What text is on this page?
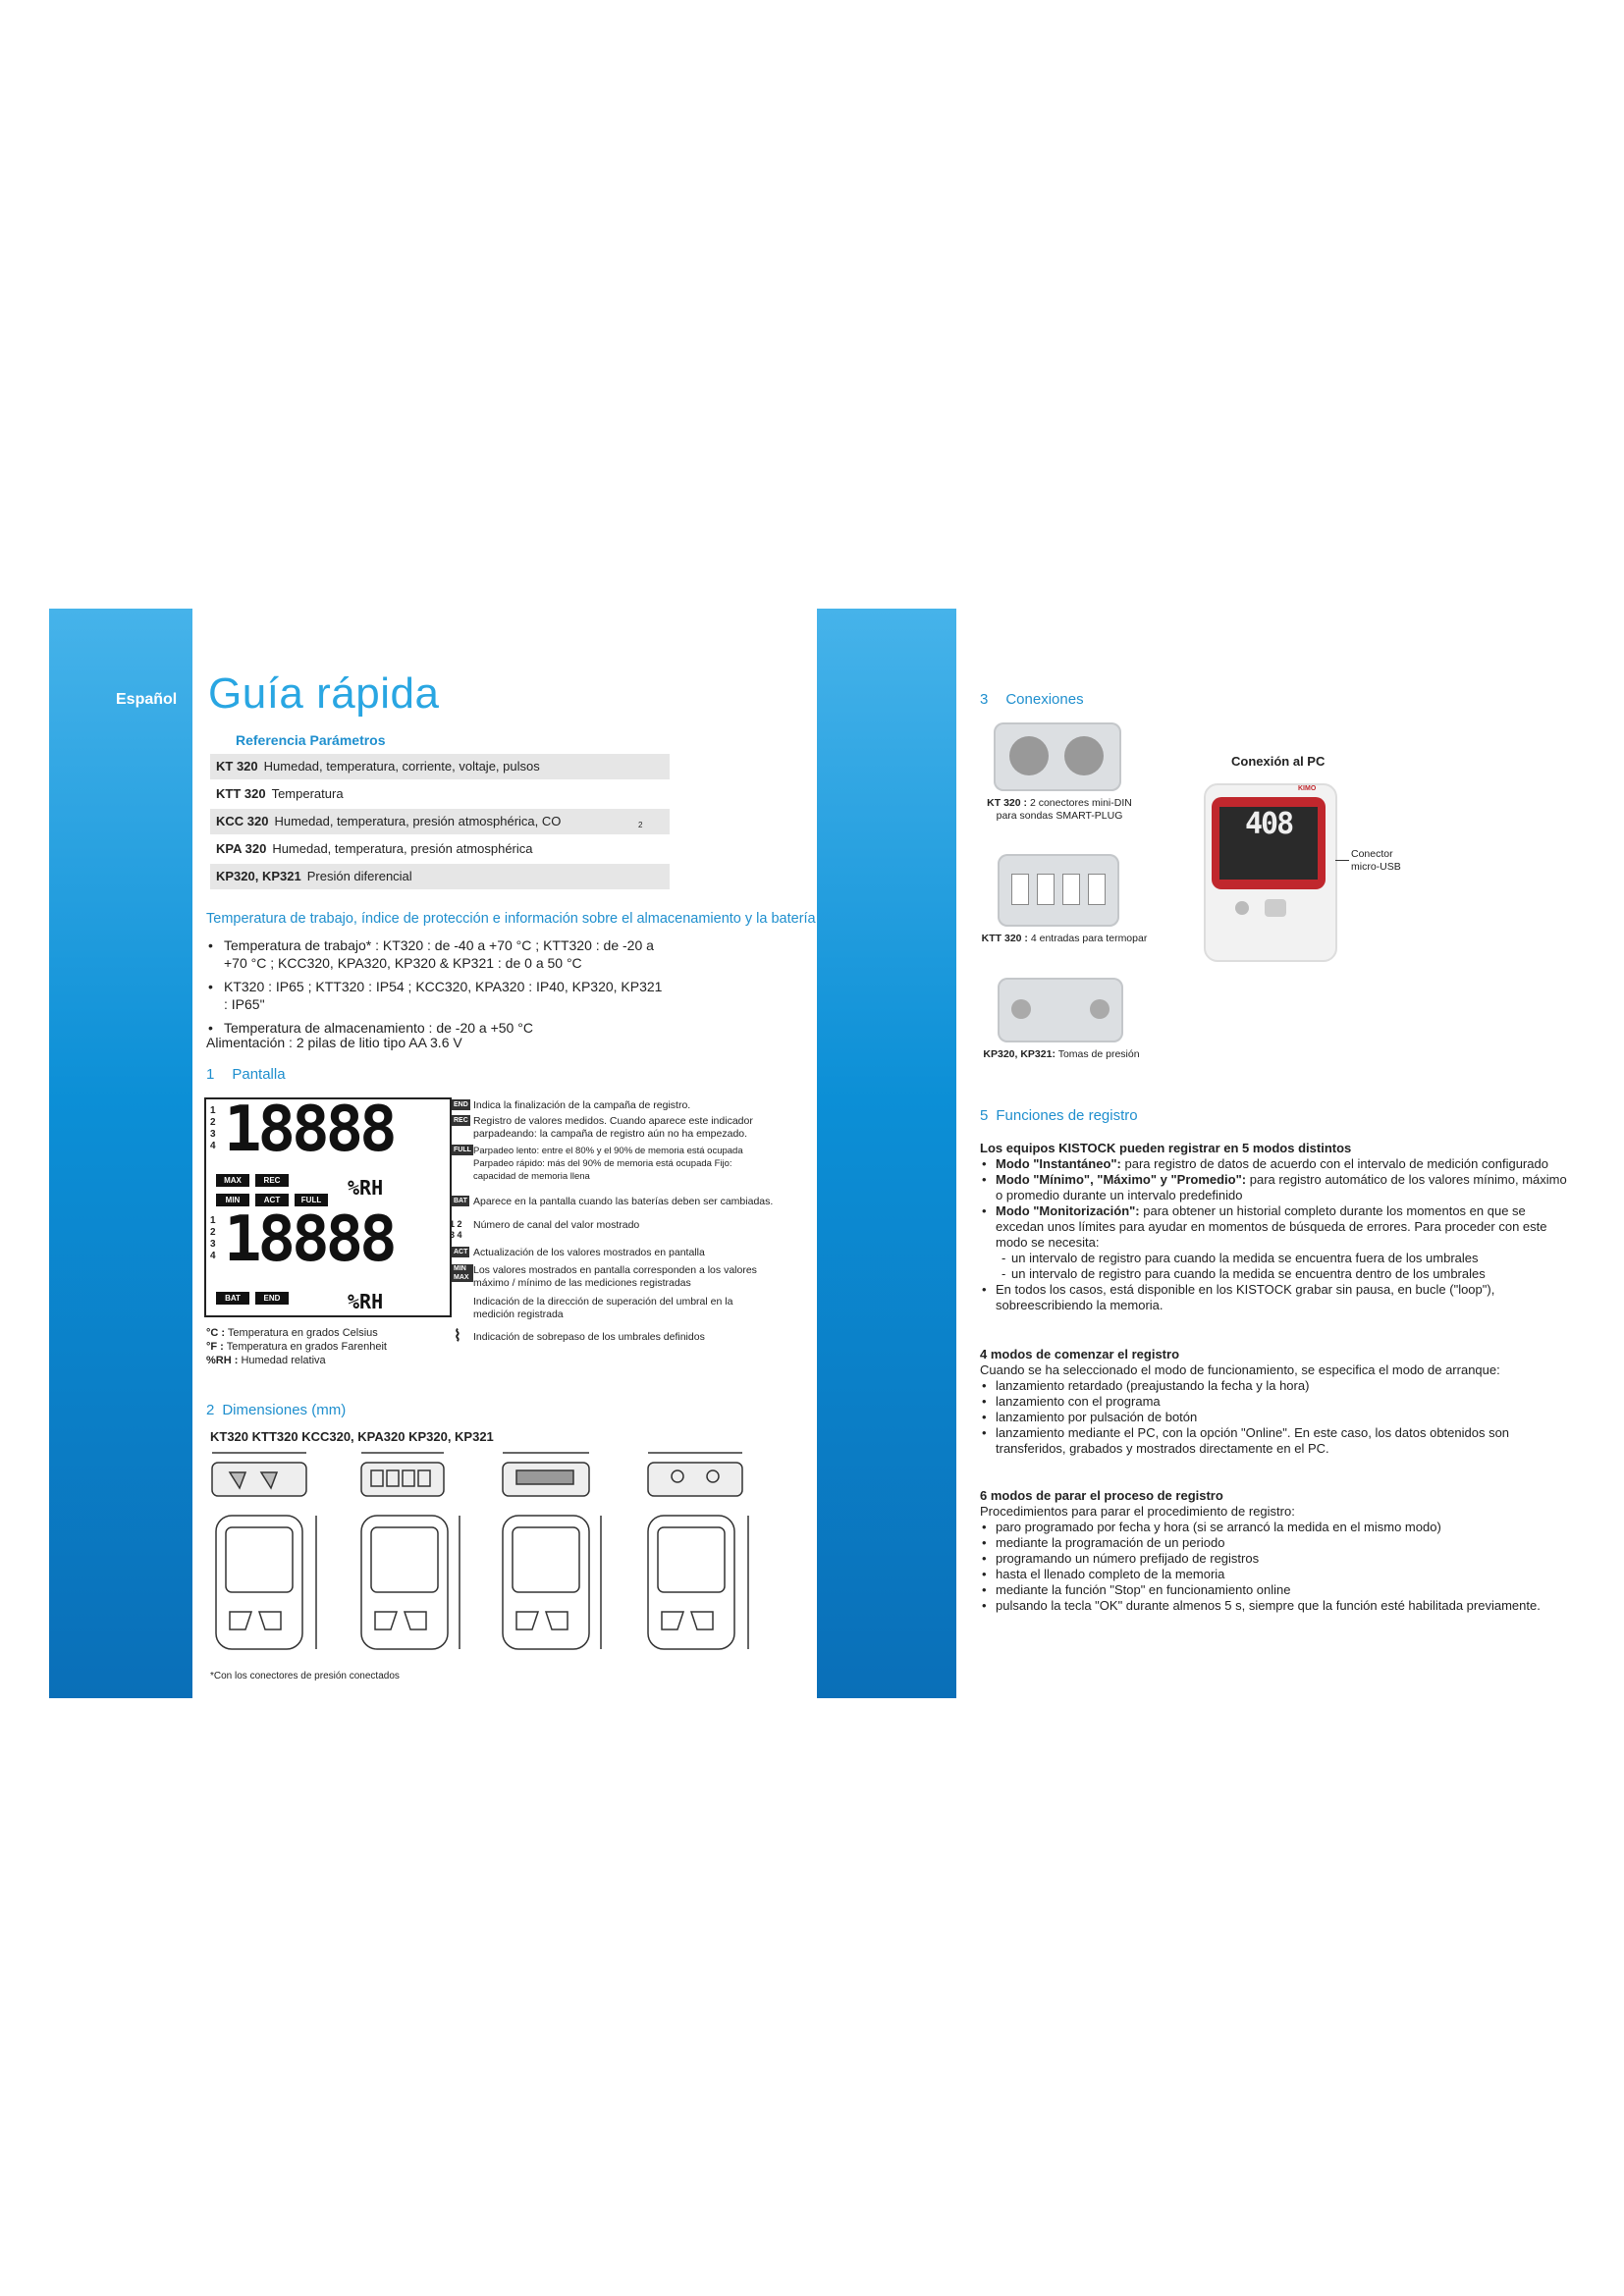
Español Guía rápida
Referencia Parámetros
KT 320 Humedad, temperatura, corriente, voltaje, pulsos
KTT 320 Temperatura
KCC 320 Humedad, temperatura, presión atmosphérica, CO	2
KPA 320 Humedad, temperatura, presión atmosphérica
KP320, KP321 Presión diferencial
Temperatura de trabajo, índice de protección e información sobre el almacenamiento y la batería
• Temperatura de trabajo* : KT320 : de -40 a +70 °C ; KTT320 : de -20 a +70 °C ; KCC320, KPA320, KP320 & KP321 : de 0 a 50 °C
• KT320 : IP65 ; KTT320 : IP54 ; KCC320, KPA320 : IP40, KP320, KP321 : IP65"
• Temperatura de almacenamiento : de -20 a +50 °C
Alimentación : 2 pilas de litio tipo AA 3.6 V
1 Pantalla
1
2
3
4 18888
MAX	REC	%RH
MIN	ACT	FULL
1
2
3
4 18888
BAT	END	%RH
°C : Temperatura en grados Celsius
°F : Temperatura en grados Farenheit
%RH : Humedad relativa
END Indica la finalización de la campaña de registro.
REC Registro de valores medidos. Cuando aparece este indicador parpadeando: la campaña de registro aún no ha empezado.
FULL Parpadeo lento: entre el 80% y el 90% de memoria está ocupada Parpadeo rápido: más del 90% de memoria está ocupada Fijo: capacidad de memoria llena
BAT Aparece en la pantalla cuando las baterías deben ser cambiadas.
1 2 3 4
Número de canal del valor mostrado
ACT Actualización de los valores mostrados en pantalla
MIN MAX
Los valores mostrados en pantalla corresponden a los valores máximo / mínimo de las mediciones registradas
Indicación de la dirección de superación del umbral en la medición registrada
⌇ Indicación de sobrepaso de los umbrales definidos
2 Dimensiones (mm)
KT320 KTT320 KCC320, KPA320 KP320, KP321
*Con los conectores de presión conectados
3 Conexiones
KT 320 : 2 conectores mini-DIN para sondas SMART-PLUG
KTT 320 : 4 entradas para termopar
KP320, KP321: Tomas de presión
Conexión al PC
408
KIMO
Conector micro-USB
5 Funciones de registro
Los equipos KISTOCK pueden registrar en 5 modos distintos
• Modo "Instantáneo": para registro de datos de acuerdo con el intervalo de medición configurado
• Modo "Mínimo", "Máximo" y "Promedio": para registro automático de los valores mínimo, máximo o promedio durante un intervalo predefinido
• Modo "Monitorización": para obtener un historial completo durante los momentos en que se excedan unos límites para ayudar en momentos de búsqueda de errores. Para proceder con este modo se necesita:
- un intervalo de registro para cuando la medida se encuentra fuera de los umbrales
- un intervalo de registro para cuando la medida se encuentra dentro de los umbrales
• En todos los casos, está disponible en los KISTOCK grabar sin pausa, en bucle ("loop"), sobreescribiendo la memoria.
4 modos de comenzar el registro
Cuando se ha seleccionado el modo de funcionamiento, se especifica el modo de arranque:
• lanzamiento retardado (preajustando la fecha y la hora)
• lanzamiento con el programa
• lanzamiento por pulsación de botón
• lanzamiento mediante el PC, con la opción "Online". En este caso, los datos obtenidos son transferidos, grabados y mostrados directamente en el PC.
6 modos de parar el proceso de registro
Procedimientos para parar el procedimiento de registro:
• paro programado por fecha y hora (si se arrancó la medida en el mismo modo)
• mediante la programación de un periodo
• programando un número prefijado de registros
• hasta el llenado completo de la memoria
• mediante la función "Stop" en funcionamiento online
• pulsando la tecla "OK" durante almenos 5 s, siempre que la función esté habilitada previamente.
